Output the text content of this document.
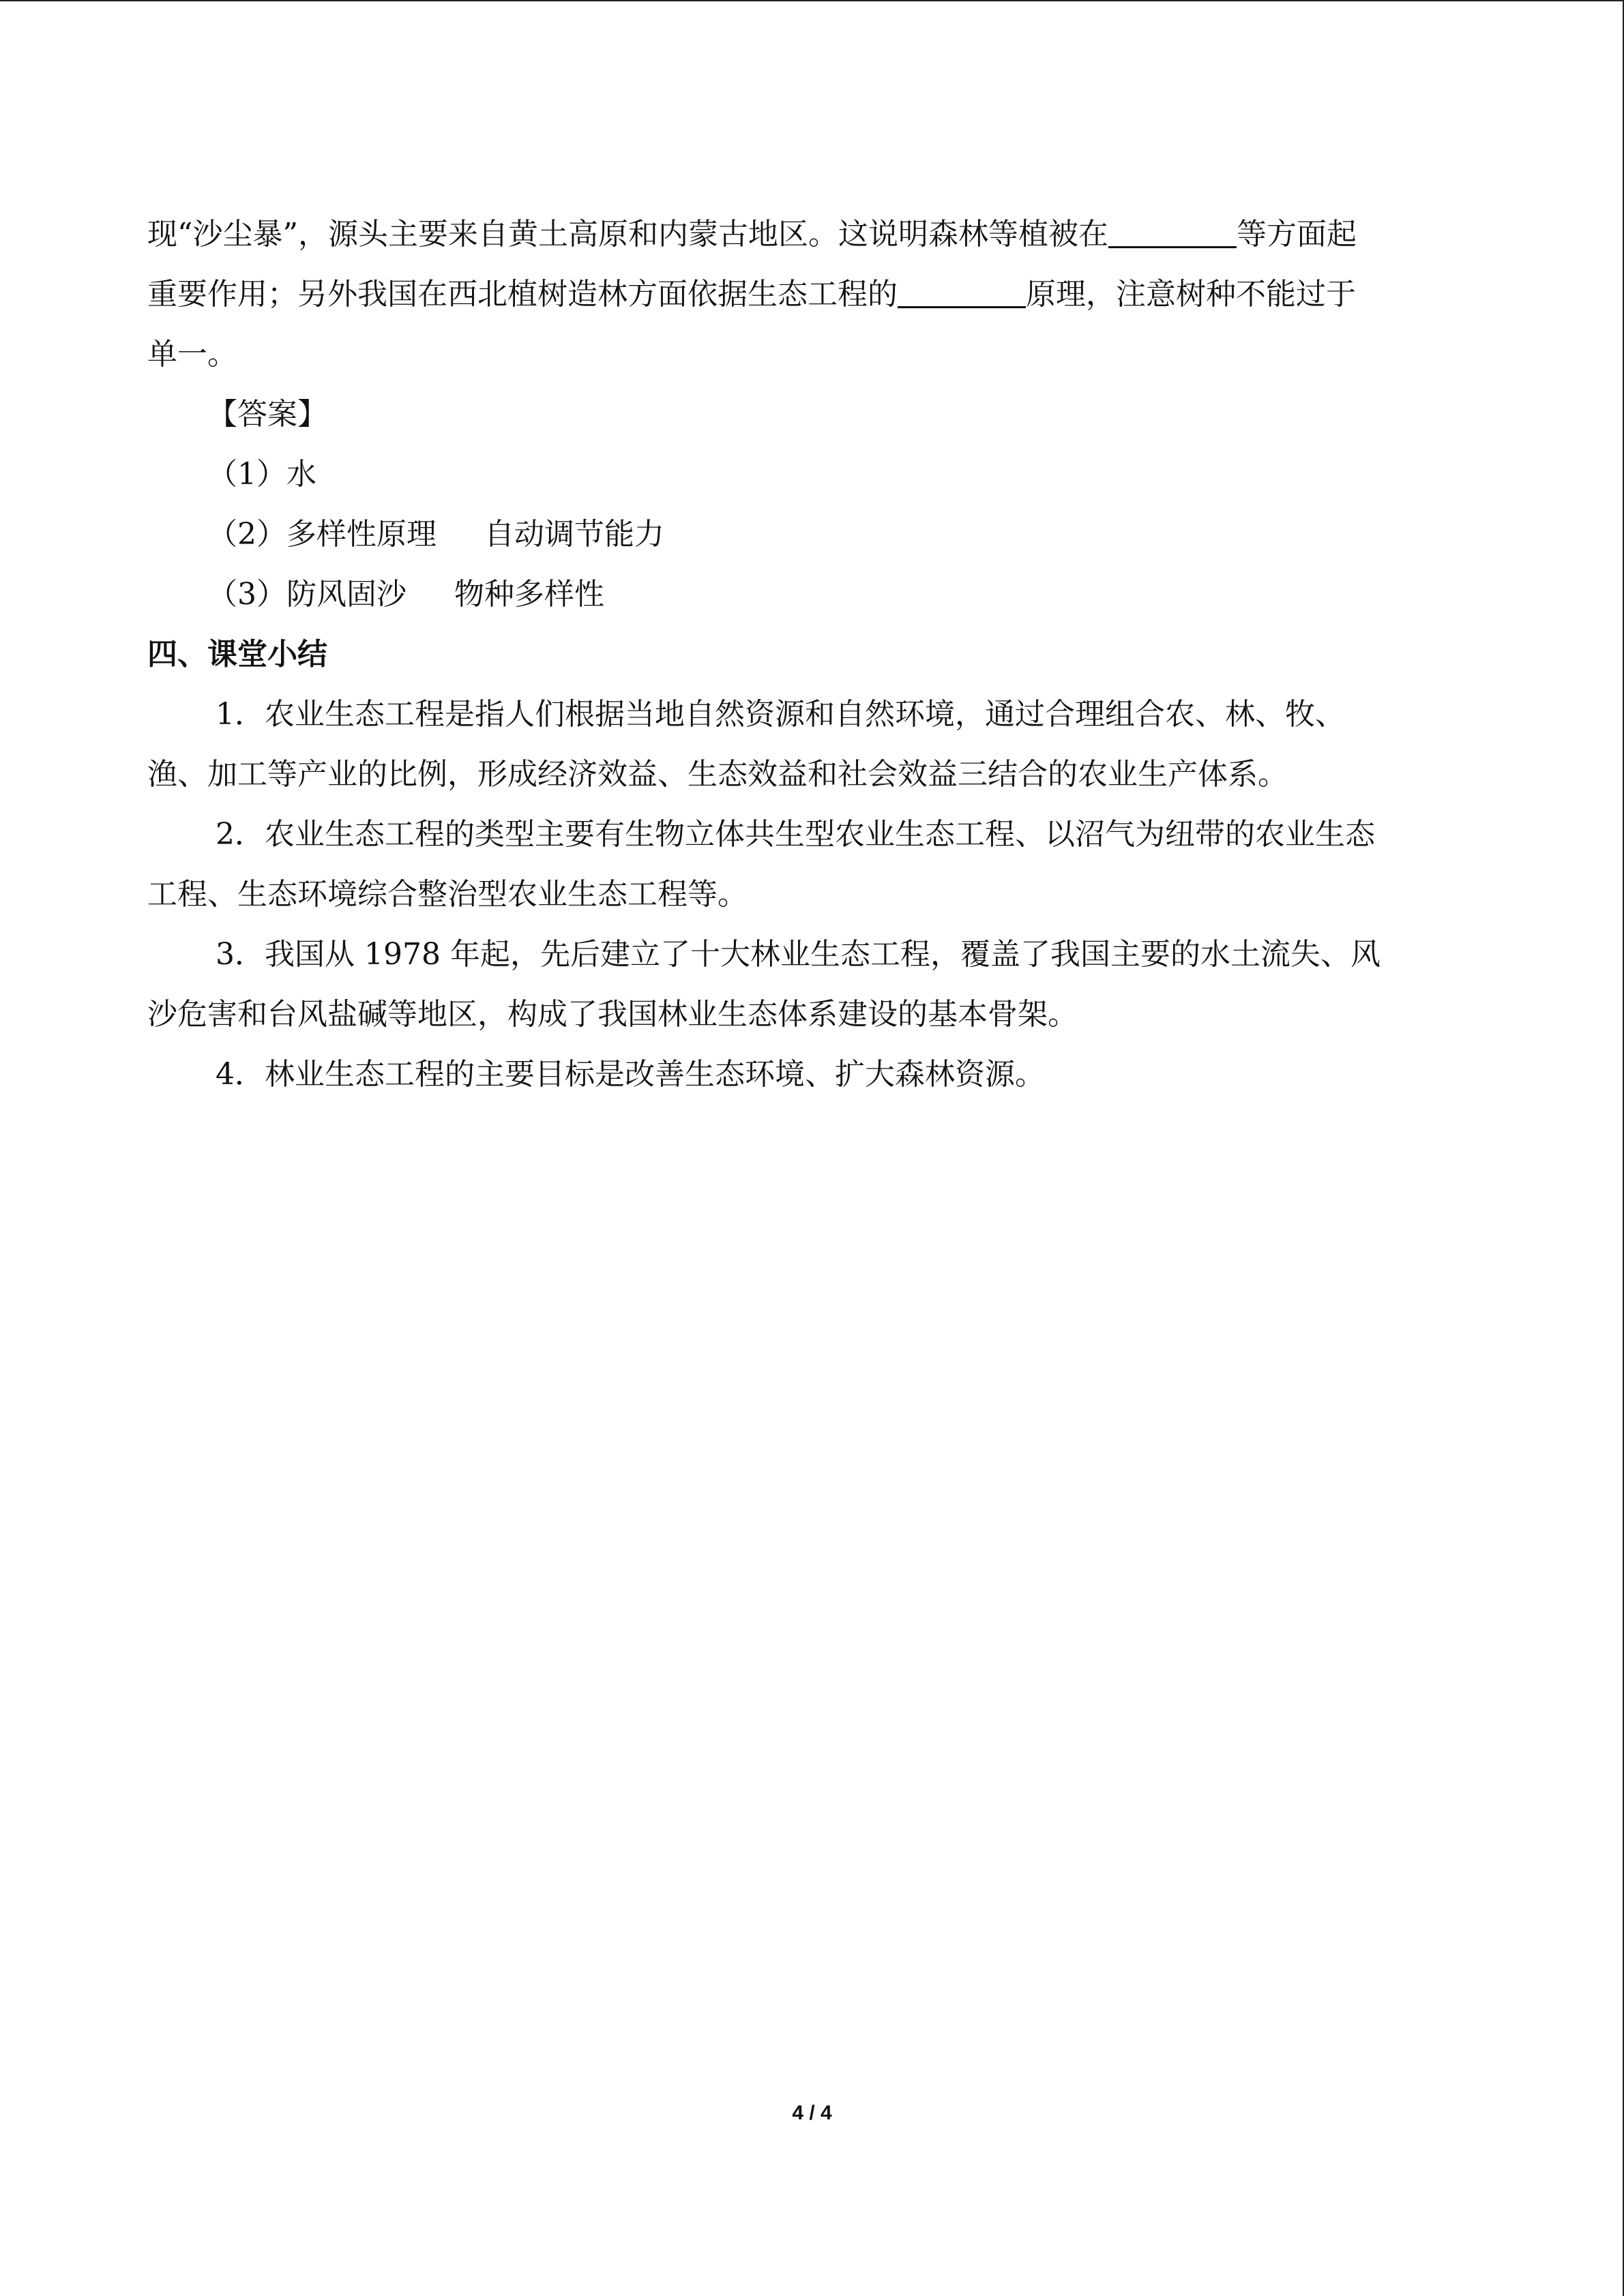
现“沙尘暴”，源头主要来自黄土高原和内蒙古地区。这说明森林等植被在	等方面起
重要作用；另外我国在西北植树造林方面依据生态工程的	原理，注意树种不能过于
单一。
【答案】
（1）水
（2）多样性原理 自动调节能力
（3）防风固沙 物种多样性
四、课堂小结
1．农业生态工程是指人们根据当地自然资源和自然环境，通过合理组合农、林、牧、
渔、加工等产业的比例，形成经济效益、生态效益和社会效益三结合的农业生产体系。
2．农业生态工程的类型主要有生物立体共生型农业生态工程、以沼气为纽带的农业生态
工程、生态环境综合整治型农业生态工程等。
3．我国从 1978 年起，先后建立了十大林业生态工程，覆盖了我国主要的水土流失、风
沙危害和台风盐碱等地区，构成了我国林业生态体系建设的基本骨架。
4．林业生态工程的主要目标是改善生态环境、扩大森林资源。
4 / 4
